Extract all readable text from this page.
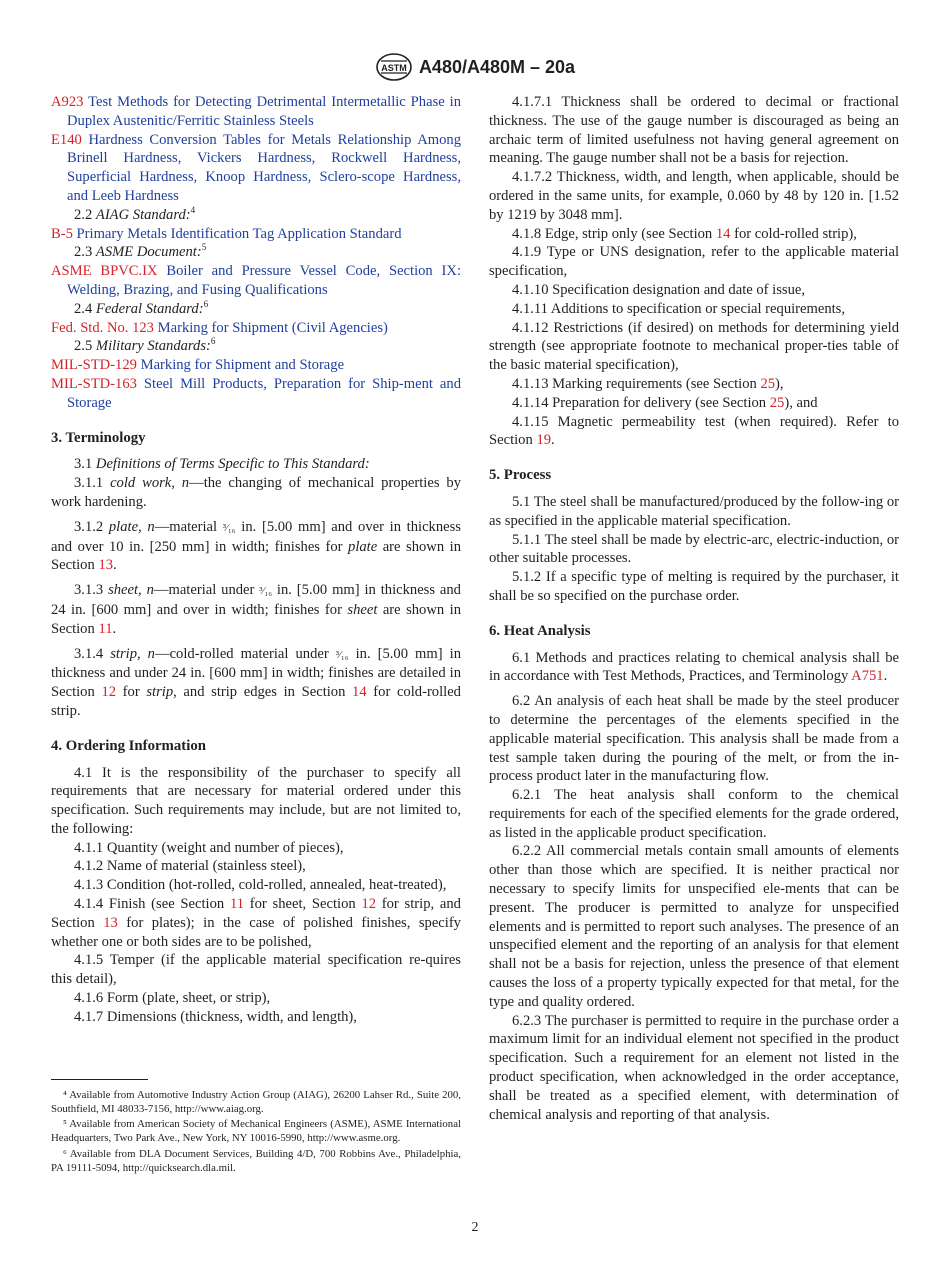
ASTM A480/A480M – 20a

A923 Test Methods for Detecting Detrimental Intermetallic Phase in Duplex Austenitic/Ferritic Stainless Steels

E140 Hardness Conversion Tables for Metals Relationship Among Brinell Hardness, Vickers Hardness, Rockwell Hardness, Superficial Hardness, Knoop Hardness, Sclero-scope Hardness, and Leeb Hardness

2.2 AIAG Standard:$^4$

B-5 Primary Metals Identification Tag Application Standard

2.3 ASME Document:$^5$

ASME BPVC.IX Boiler and Pressure Vessel Code, Section IX: Welding, Brazing, and Fusing Qualifications

2.4 Federal Standard:$^6$

Fed. Std. No. 123 Marking for Shipment (Civil Agencies)

2.5 Military Standards:$^6$

MIL-STD-129 Marking for Shipment and Storage

MIL-STD-163 Steel Mill Products, Preparation for Ship-ment and Storage

3. Terminology

3.1 Definitions of Terms Specific to This Standard:

3.1.1 cold work, n—the changing of mechanical properties by work hardening.

3.1.2 plate, n—material ³⁄₁₆ in. [5.00 mm] and over in thickness and over 10 in. [250 mm] in width; finishes for plate are shown in Section 13.

3.1.3 sheet, n—material under ³⁄₁₆ in. [5.00 mm] in thickness and 24 in. [600 mm] and over in width; finishes for sheet are shown in Section 11.

3.1.4 strip, n—cold-rolled material under ³⁄₁₆ in. [5.00 mm] in thickness and under 24 in. [600 mm] in width; finishes are detailed in Section 12 for strip, and strip edges in Section 14 for cold-rolled strip.

4. Ordering Information

4.1 It is the responsibility of the purchaser to specify all requirements that are necessary for material ordered under this specification. Such requirements may include, but are not limited to, the following:

4.1.1 Quantity (weight and number of pieces),

4.1.2 Name of material (stainless steel),

4.1.3 Condition (hot-rolled, cold-rolled, annealed, heat-treated),

4.1.4 Finish (see Section 11 for sheet, Section 12 for strip, and Section 13 for plates); in the case of polished finishes, specify whether one or both sides are to be polished,

4.1.5 Temper (if the applicable material specification re-quires this detail),

4.1.6 Form (plate, sheet, or strip),

4.1.7 Dimensions (thickness, width, and length),

⁴ Available from Automotive Industry Action Group (AIAG), 26200 Lahser Rd., Suite 200, Southfield, MI 48033-7156, http://www.aiag.org.

⁵ Available from American Society of Mechanical Engineers (ASME), ASME International Headquarters, Two Park Ave., New York, NY 10016-5990, http://www.asme.org.

⁶ Available from DLA Document Services, Building 4/D, 700 Robbins Ave., Philadelphia, PA 19111-5094, http://quicksearch.dla.mil.

4.1.7.1 Thickness shall be ordered to decimal or fractional thickness. The use of the gauge number is discouraged as being an archaic term of limited usefulness not having general agreement on meaning. The gauge number shall not be a basis for rejection.

4.1.7.2 Thickness, width, and length, when applicable, should be ordered in the same units, for example, 0.060 by 48 by 120 in. [1.52 by 1219 by 3048 mm].

4.1.8 Edge, strip only (see Section 14 for cold-rolled strip),

4.1.9 Type or UNS designation, refer to the applicable material specification,

4.1.10 Specification designation and date of issue,

4.1.11 Additions to specification or special requirements,

4.1.12 Restrictions (if desired) on methods for determining yield strength (see appropriate footnote to mechanical proper-ties table of the basic material specification),

4.1.13 Marking requirements (see Section 25),

4.1.14 Preparation for delivery (see Section 25), and

4.1.15 Magnetic permeability test (when required). Refer to Section 19.

5. Process

5.1 The steel shall be manufactured/produced by the follow-ing or as specified in the applicable material specification.

5.1.1 The steel shall be made by electric-arc, electric-induction, or other suitable processes.

5.1.2 If a specific type of melting is required by the purchaser, it shall be so specified on the purchase order.

6. Heat Analysis

6.1 Methods and practices relating to chemical analysis shall be in accordance with Test Methods, Practices, and Terminology A751.

6.2 An analysis of each heat shall be made by the steel producer to determine the percentages of the elements specified in the applicable material specification. This analysis shall be made from a test sample taken during the pouring of the melt, or from the in-process product later in the manufacturing flow.

6.2.1 The heat analysis shall conform to the chemical requirements for each of the specified elements for the grade ordered, as listed in the applicable product specification.

6.2.2 All commercial metals contain small amounts of elements other than those which are specified. It is neither practical nor necessary to specify limits for unspecified ele-ments that can be present. The producer is permitted to analyze for unspecified elements and is permitted to report such analyses. The presence of an unspecified element and the reporting of an analysis for that element shall not be a basis for rejection, unless the presence of that element causes the loss of a property typically expected for that metal, for the type and quality ordered.

6.2.3 The purchaser is permitted to require in the purchase order a maximum limit for an individual element not specified in the product specification. Such a requirement for an element not listed in the product specification, when acknowledged in the order acceptance, shall be treated as a specified element, with determination of chemical analysis and reporting of that analysis.

2
